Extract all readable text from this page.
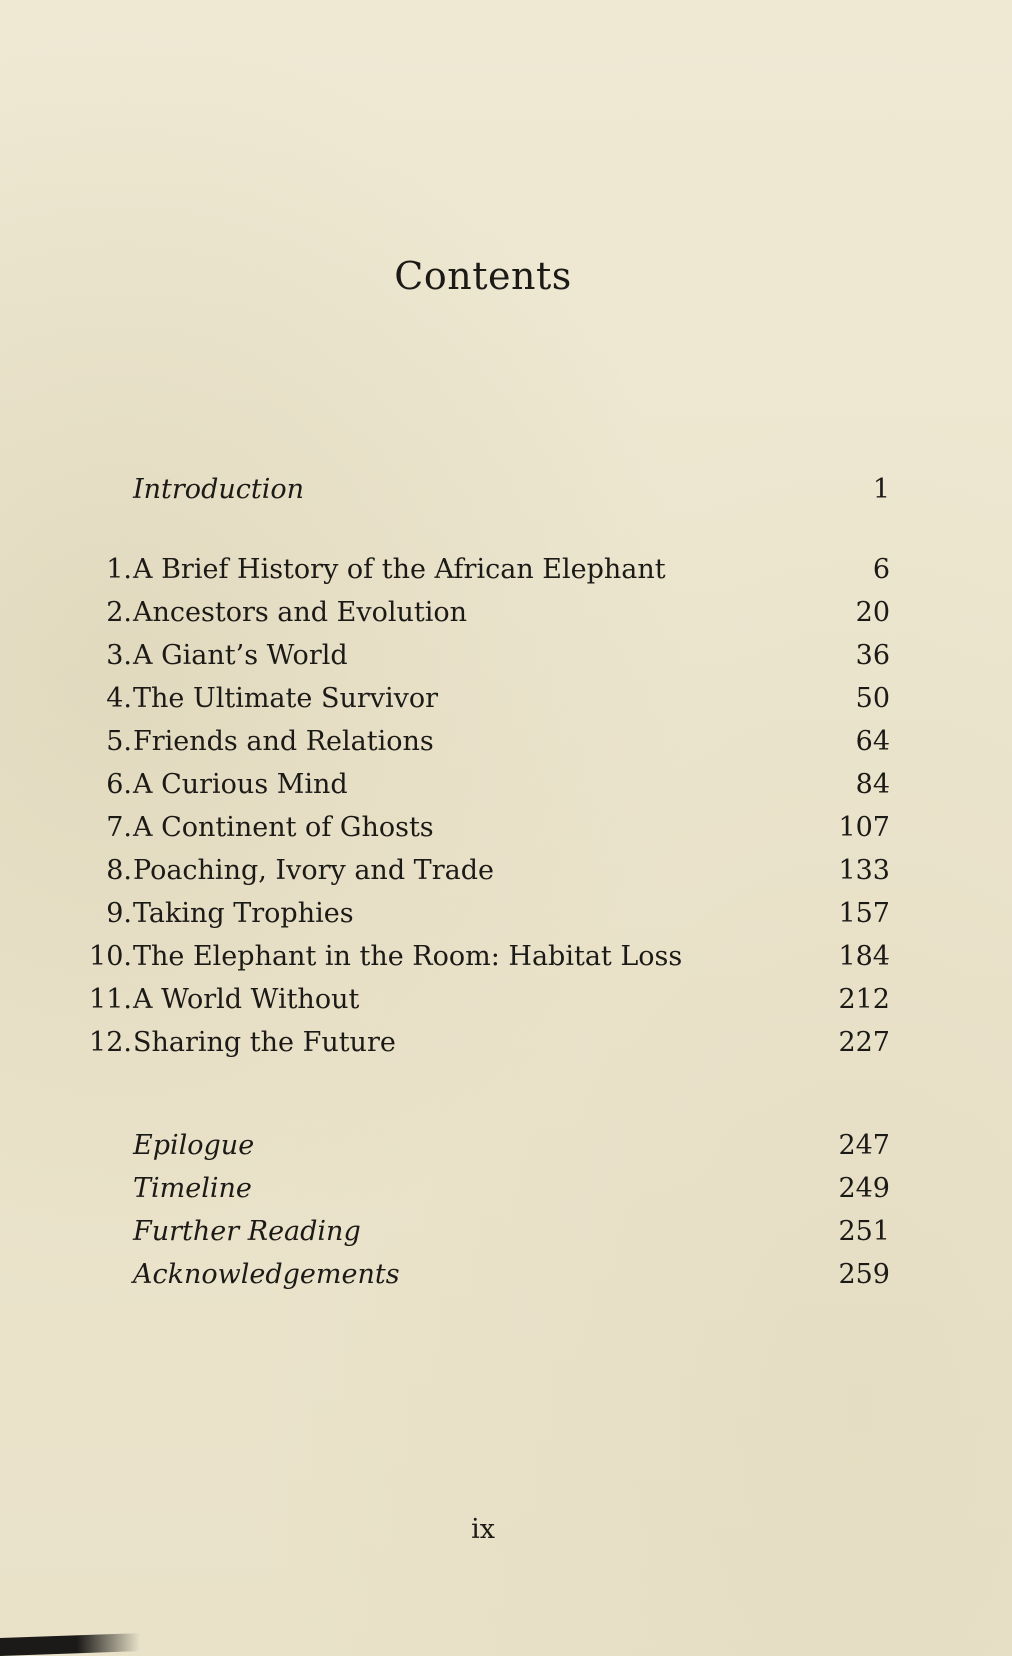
Contents
Introduction	1
1. A Brief History of the African Elephant	6
2. Ancestors and Evolution	20
3. A Giant’s World	36
4. The Ultimate Survivor	50
5. Friends and Relations	64
6. A Curious Mind	84
7. A Continent of Ghosts	107
8. Poaching, Ivory and Trade	133
9. Taking Trophies	157
10. The Elephant in the Room: Habitat Loss	184
11. A World Without	212
12. Sharing the Future	227
Epilogue	247
Timeline	249
Further Reading	251
Acknowledgements	259
ix
